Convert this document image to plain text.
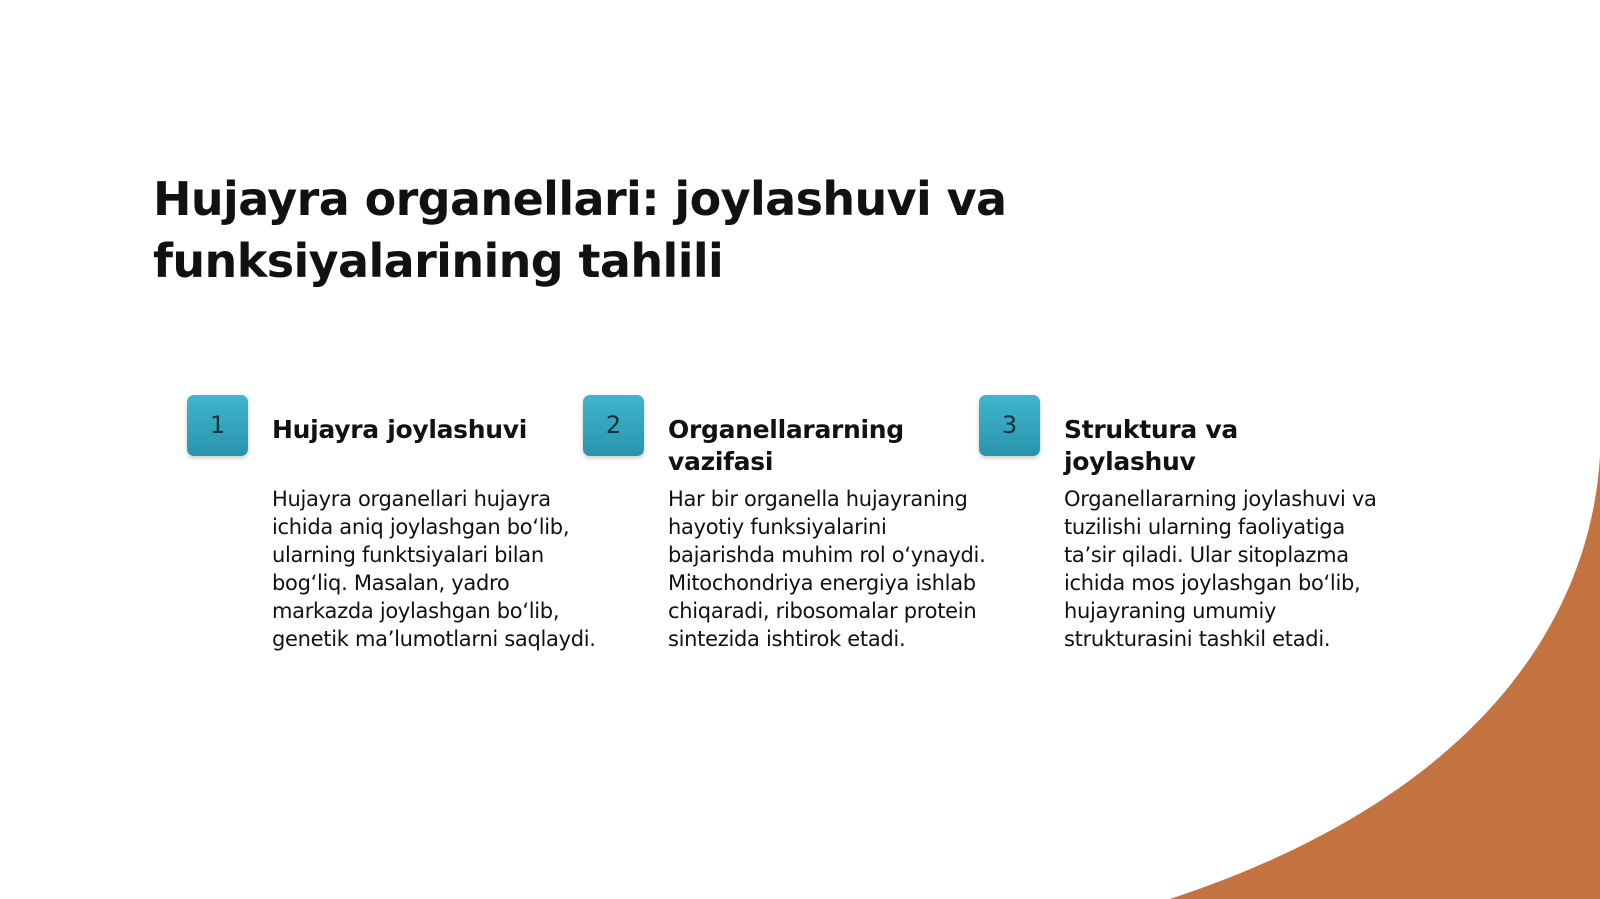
Hujayra organellari: joylashuvi va funksiyalarining tahlili
1	Hujayra joylashuvi

Hujayra organellari hujayra ichida aniq joylashgan bo‘lib, ularning funktsiyalari bilan bog‘liq. Masalan, yadro markazda joylashgan bo‘lib, genetik ma’lumotlarni saqlaydi.

2	Organellararning vazifasi

Har bir organella hujayraning hayotiy funksiyalarini bajarishda muhim rol o‘ynaydi. Mitochondriya energiya ishlab chiqaradi, ribosomalar protein sintezida ishtirok etadi.

3	Struktura va joylashuv

Organellararning joylashuvi va tuzilishi ularning faoliyatiga ta’sir qiladi. Ular sitoplazma ichida mos joylashgan bo‘lib, hujayraning umumiy strukturasini tashkil etadi.
